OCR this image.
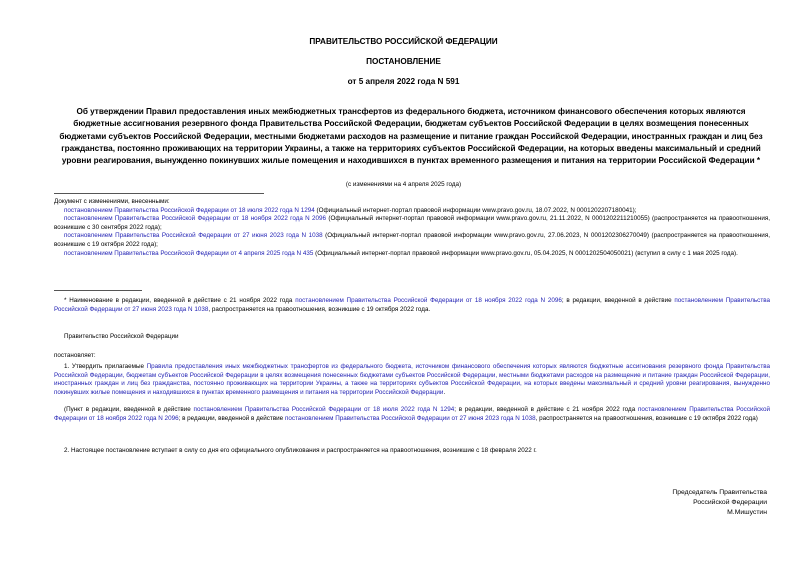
ПРАВИТЕЛЬСТВО РОССИЙСКОЙ ФЕДЕРАЦИИ
ПОСТАНОВЛЕНИЕ
от 5 апреля 2022 года N 591
Об утверждении Правил предоставления иных межбюджетных трансфертов из федерального бюджета, источником финансового обеспечения которых являются бюджетные ассигнования резервного фонда Правительства Российской Федерации, бюджетам субъектов Российской Федерации в целях возмещения понесенных бюджетами субъектов Российской Федерации, местными бюджетами расходов на размещение и питание граждан Российской Федерации, иностранных граждан и лиц без гражданства, постоянно проживающих на территории Украины, а также на территориях субъектов Российской Федерации, на которых введены максимальный и средний уровни реагирования, вынужденно покинувших жилые помещения и находившихся в пунктах временного размещения и питания на территории Российской Федерации *
(с изменениями на 4 апреля 2025 года)
Документ с изменениями, внесенными:
постановлением Правительства Российской Федерации от 18 июля 2022 года N 1294 (Официальный интернет-портал правовой информации www.pravo.gov.ru, 18.07.2022, N 0001202207180041);
постановлением Правительства Российской Федерации от 18 ноября 2022 года N 2096 (Официальный интернет-портал правовой информации www.pravo.gov.ru, 21.11.2022, N 0001202211210055) (распространяется на правоотношения, возникшие с 30 сентября 2022 года);
постановлением Правительства Российской Федерации от 27 июня 2023 года N 1038 (Официальный интернет-портал правовой информации www.pravo.gov.ru, 27.06.2023, N 0001202306270049) (распространяется на правоотношения, возникшие с 19 октября 2022 года);
постановлением Правительства Российской Федерации от 4 апреля 2025 года N 435 (Официальный интернет-портал правовой информации www.pravo.gov.ru, 05.04.2025, N 0001202504050021) (вступил в силу с 1 мая 2025 года).
* Наименование в редакции, введенной в действие с 21 ноября 2022 года постановлением Правительства Российской Федерации от 18 ноября 2022 года N 2096; в редакции, введенной в действие постановлением Правительства Российской Федерации от 27 июня 2023 года N 1038, распространяется на правоотношения, возникшие с 19 октября 2022 года.
Правительство Российской Федерации
постановляет:
1. Утвердить прилагаемые Правила предоставления иных межбюджетных трансфертов из федерального бюджета, источником финансового обеспечения которых являются бюджетные ассигнования резервного фонда Правительства Российской Федерации, бюджетам субъектов Российской Федерации в целях возмещения понесенных бюджетами субъектов Российской Федерации, местными бюджетами расходов на размещение и питание граждан Российской Федерации, иностранных граждан и лиц без гражданства, постоянно проживающих на территории Украины, а также на территориях субъектов Российской Федерации, на которых введены максимальный и средний уровни реагирования, вынужденно покинувших жилые помещения и находившихся в пунктах временного размещения и питания на территории Российской Федерации.
(Пункт в редакции, введенной в действие постановлением Правительства Российской Федерации от 18 июля 2022 года N 1294; в редакции, введенной в действие с 21 ноября 2022 года постановлением Правительства Российской Федерации от 18 ноября 2022 года N 2096; в редакции, введенной в действие постановлением Правительства Российской Федерации от 27 июня 2023 года N 1038, распространяется на правоотношения, возникшие с 19 октября 2022 года)
2. Настоящее постановление вступает в силу со дня его официального опубликования и распространяется на правоотношения, возникшие с 18 февраля 2022 г.
Председатель Правительства
Российской Федерации
М.Мишустин
